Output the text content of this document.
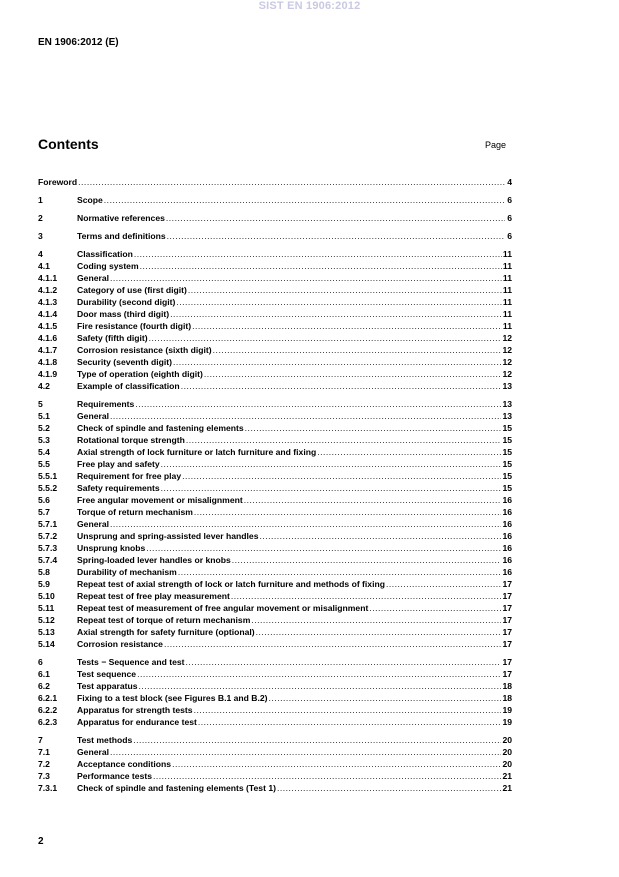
SIST EN 1906:2012
EN 1906:2012 (E)
Contents	Page
Foreword .....	4
1	Scope .....	6
2	Normative references .....	6
3	Terms and definitions .....	6
4	Classification .....	11
4.1	Coding system .....	11
4.1.1	General .....	11
4.1.2	Category of use (first digit) .....	11
4.1.3	Durability (second digit) .....	11
4.1.4	Door mass (third digit) .....	11
4.1.5	Fire resistance (fourth digit) .....	11
4.1.6	Safety (fifth digit) .....	12
4.1.7	Corrosion resistance (sixth digit) .....	12
4.1.8	Security (seventh digit) .....	12
4.1.9	Type of operation (eighth digit) .....	12
4.2	Example of classification .....	13
5	Requirements .....	13
5.1	General .....	13
5.2	Check of spindle and fastening elements .....	15
5.3	Rotational torque strength .....	15
5.4	Axial strength of lock furniture or latch furniture and fixing .....	15
5.5	Free play and safety .....	15
5.5.1	Requirement for free play .....	15
5.5.2	Safety requirements .....	15
5.6	Free angular movement or misalignment .....	16
5.7	Torque of return mechanism .....	16
5.7.1	General .....	16
5.7.2	Unsprung and spring-assisted lever handles .....	16
5.7.3	Unsprung knobs .....	16
5.7.4	Spring-loaded lever handles or knobs .....	16
5.8	Durability of mechanism .....	16
5.9	Repeat test of axial strength of lock or latch furniture and methods of fixing .....	17
5.10	Repeat test of free play measurement .....	17
5.11	Repeat test of measurement of free angular movement or misalignment .....	17
5.12	Repeat test of torque of return mechanism .....	17
5.13	Axial strength for safety furniture (optional) .....	17
5.14	Corrosion resistance .....	17
6	Tests − Sequence and test .....	17
6.1	Test sequence .....	17
6.2	Test apparatus .....	18
6.2.1	Fixing to a test block (see Figures B.1 and B.2) .....	18
6.2.2	Apparatus for strength tests .....	19
6.2.3	Apparatus for endurance test .....	19
7	Test methods .....	20
7.1	General .....	20
7.2	Acceptance conditions .....	20
7.3	Performance tests .....	21
7.3.1	Check of spindle and fastening elements (Test 1) .....	21
2
